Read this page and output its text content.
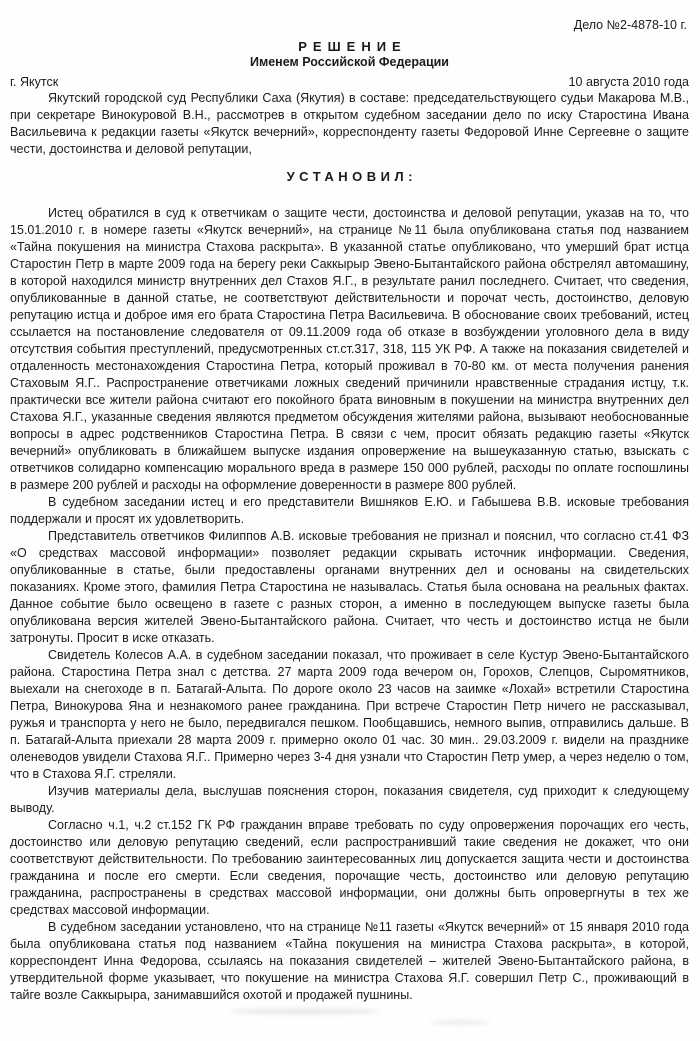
Дело №2-4878-10 г.
РЕШЕНИЕ
Именем Российской Федерации
г. Якутск	10 августа 2010 года

Якутский городской суд Республики Саха (Якутия) в составе: председательствующего судьи Макарова М.В., при секретаре Винокуровой В.Н., рассмотрев в открытом судебном заседании дело по иску Старостина Ивана Васильевича к редакции газеты «Якутск вечерний», корреспонденту газеты Федоровой Инне Сергеевне о защите чести, достоинства и деловой репутации,

УСТАНОВИЛ:

Истец обратился в суд к ответчикам о защите чести, достоинства и деловой репутации, указав на то, что 15.01.2010 г. в номере газеты «Якутск вечерний», на странице №11 была опубликована статья под названием «Тайна покушения на министра Стахова раскрыта». В указанной статье опубликовано, что умерший брат истца Старостин Петр в марте 2009 года на берегу реки Саккырыр Эвено-Бытантайского района обстрелял автомашину, в которой находился министр внутренних дел Стахов Я.Г., в результате ранил последнего. Считает, что сведения, опубликованные в данной статье, не соответствуют действительности и порочат честь, достоинство, деловую репутацию истца и доброе имя его брата Старостина Петра Васильевича. В обоснование своих требований, истец ссылается на постановление следователя от 09.11.2009 года об отказе в возбуждении уголовного дела в виду отсутствия события преступлений, предусмотренных ст.ст.317, 318, 115 УК РФ. А также на показания свидетелей и отдаленность местонахождения Старостина Петра, который проживал в 70-80 км. от места получения ранения Стаховым Я.Г.. Распространение ответчиками ложных сведений причинили нравственные страдания истцу, т.к. практически все жители района считают его покойного брата виновным в покушении на министра внутренних дел Стахова Я.Г., указанные сведения являются предметом обсуждения жителями района, вызывают необоснованные вопросы в адрес родственников Старостина Петра. В связи с чем, просит обязать редакцию газеты «Якутск вечерний» опубликовать в ближайшем выпуске издания опровержение на вышеуказанную статью, взыскать с ответчиков солидарно компенсацию морального вреда в размере 150 000 рублей, расходы по оплате госпошлины в размере 200 рублей и расходы на оформление доверенности в размере 800 рублей.

В судебном заседании истец и его представители Вишняков Е.Ю. и Габышева В.В. исковые требования поддержали и просят их удовлетворить.

Представитель ответчиков Филиппов А.В. исковые требования не признал и пояснил, что согласно ст.41 ФЗ «О средствах массовой информации» позволяет редакции скрывать источник информации. Сведения, опубликованные в статье, были предоставлены органами внутренних дел и основаны на свидетельских показаниях. Кроме этого, фамилия Петра Старостина не называлась. Статья была основана на реальных фактах. Данное событие было освещено в газете с разных сторон, а именно в последующем выпуске газеты была опубликована версия жителей Эвено-Бытантайского района. Считает, что честь и достоинство истца не были затронуты. Просит в иске отказать.

Свидетель Колесов А.А. в судебном заседании показал, что проживает в селе Кустур Эвено-Бытантайского района. Старостина Петра знал с детства. 27 марта 2009 года вечером он, Горохов, Слепцов, Сыромятников, выехали на снегоходе в п. Батагай-Алыта. По дороге около 23 часов на заимке «Лохай» встретили Старостина Петра, Винокурова Яна и незнакомого ранее гражданина. При встрече Старостин Петр ничего не рассказывал, ружья и транспорта у него не было, передвигался пешком. Пообщавшись, немного выпив, отправились дальше. В п. Батагай-Алыта приехали 28 марта 2009 г. примерно около 01 час. 30 мин.. 29.03.2009 г. видели на празднике оленеводов увидели Стахова Я.Г.. Примерно через 3-4 дня узнали что Старостин Петр умер, а через неделю о том, что в Стахова Я.Г. стреляли.

Изучив материалы дела, выслушав пояснения сторон, показания свидетеля, суд приходит к следующему выводу.

Согласно ч.1, ч.2 ст.152 ГК РФ гражданин вправе требовать по суду опровержения порочащих его честь, достоинство или деловую репутацию сведений, если распространивший такие сведения не докажет, что они соответствуют действительности. По требованию заинтересованных лиц допускается защита чести и достоинства гражданина и после его смерти. Если сведения, порочащие честь, достоинство или деловую репутацию гражданина, распространены в средствах массовой информации, они должны быть опровергнуты в тех же средствах массовой информации.

В судебном заседании установлено, что на странице №11 газеты «Якутск вечерний» от 15 января 2010 года была опубликована статья под названием «Тайна покушения на министра Стахова раскрыта», в которой, корреспондент Инна Федорова, ссылаясь на показания свидетелей – жителей Эвено-Бытантайского района, в утвердительной форме указывает, что покушение на министра Стахова Я.Г. совершил Петр С., проживающий в тайге возле Саккырыра, занимавшийся охотой и продажей пушнины.
